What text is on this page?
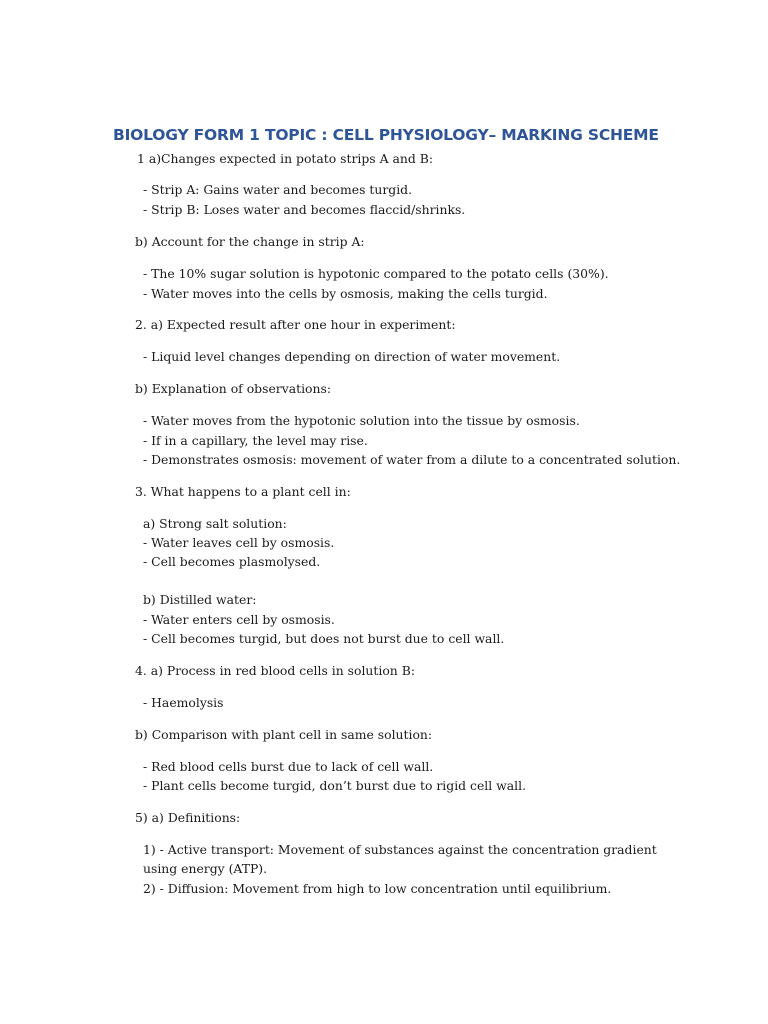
BIOLOGY FORM 1 TOPIC : CELL PHYSIOLOGY– MARKING SCHEME
1 a)Changes expected in potato strips A and B:
- Strip A: Gains water and becomes turgid.
- Strip B: Loses water and becomes flaccid/shrinks.
b) Account for the change in strip A:
- The 10% sugar solution is hypotonic compared to the potato cells (30%).
- Water moves into the cells by osmosis, making the cells turgid.
2. a) Expected result after one hour in experiment:
- Liquid level changes depending on direction of water movement.
b) Explanation of observations:
- Water moves from the hypotonic solution into the tissue by osmosis.
- If in a capillary, the level may rise.
- Demonstrates osmosis: movement of water from a dilute to a concentrated solution.
3. What happens to a plant cell in:
a) Strong salt solution:
- Water leaves cell by osmosis.
- Cell becomes plasmolysed.
b) Distilled water:
- Water enters cell by osmosis.
- Cell becomes turgid, but does not burst due to cell wall.
4. a) Process in red blood cells in solution B:
- Haemolysis
b) Comparison with plant cell in same solution:
- Red blood cells burst due to lack of cell wall.
- Plant cells become turgid, don’t burst due to rigid cell wall.
5) a) Definitions:
1) - Active transport: Movement of substances against the concentration gradient
using energy (ATP).
2) - Diffusion: Movement from high to low concentration until equilibrium.
